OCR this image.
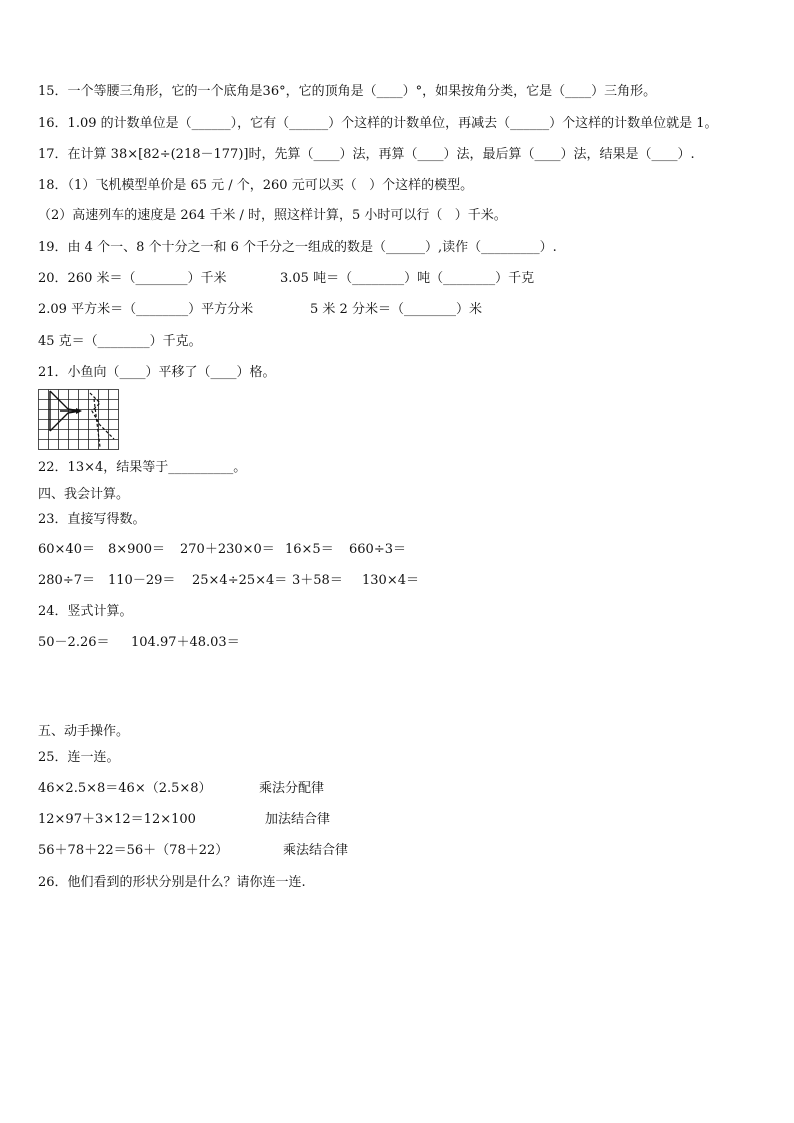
15．一个等腰三角形，它的一个底角是36°，它的顶角是（____）°，如果按角分类，它是（____）三角形。
16．1.09 的计数单位是（______），它有（______）个这样的计数单位，再减去（______）个这样的计数单位就是 1。
17．在计算 38×[82÷(218－177)]时，先算（____）法，再算（____）法，最后算（____）法，结果是（____）.
18．（1）飞机模型单价是 65 元 / 个，260 元可以买（   ）个这样的模型。
（2）高速列车的速度是 264 千米 / 时，照这样计算，5 小时可以行（   ）千米。
19．由 4 个一、8 个十分之一和 6 个千分之一组成的数是（______）,读作（_________）.
20．260 米＝（________）千米	3.05 吨＝（________）吨（________）千克
2.09 平方米＝（________）平方分米	5 米 2 分米＝（________）米
45 克＝（________）千克。
21．小鱼向（____）平移了（____）格。
22．13×4，结果等于__________。
四、我会计算。
23．直接写得数。
60×40＝ 8×900＝ 270＋230×0＝ 16×5＝ 660÷3＝
280÷7＝ 110－29＝ 25×4÷25×4＝ 3＋58＝ 130×4＝
24．竖式计算。
50－2.26＝ 104.97＋48.03＝
五、动手操作。
25．连一连。
46×2.5×8＝46×（2.5×8）	乘法分配律
12×97＋3×12＝12×100	加法结合律
56＋78＋22＝56＋（78＋22）	乘法结合律
26．他们看到的形状分别是什么？请你连一连.
